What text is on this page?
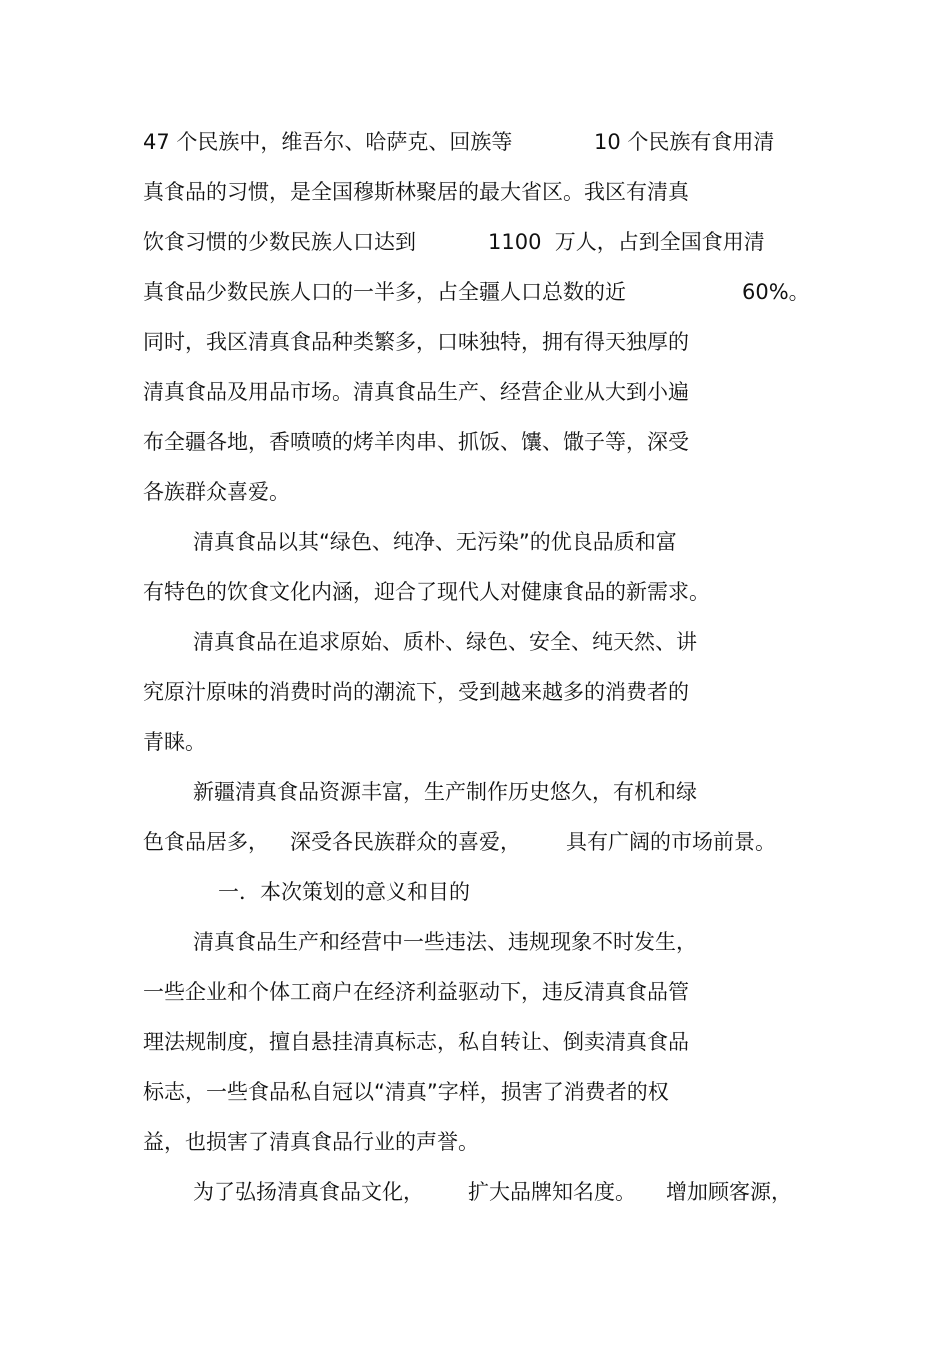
47 个民族中，维吾尔、哈萨克、回族等

	10 个民族有食用清

真食品的习惯，是全国穆斯林聚居的最大省区。我区有清真

饮食习惯的少数民族人口达到

	1100  万人，占到全国食用清

真食品少数民族人口的一半多，占全疆人口总数的近

	60%。

同时，我区清真食品种类繁多，口味独特，拥有得天独厚的

清真食品及用品市场。清真食品生产、经营企业从大到小遍

布全疆各地，香喷喷的烤羊肉串、抓饭、馕、馓子等，深受

各族群众喜爱。

清真食品以其“绿色、纯净、无污染”的优良品质和富

有特色的饮食文化内涵，迎合了现代人对健康食品的新需求。

清真食品在追求原始、质朴、绿色、安全、纯天然、讲

究原汁原味的消费时尚的潮流下，受到越来越多的消费者的

青睐。

新疆清真食品资源丰富，生产制作历史悠久，有机和绿

色食品居多，

深受各民族群众的喜爱，

具有广阔的市场前景。

一．本次策划的意义和目的

清真食品生产和经营中一些违法、违规现象不时发生，

一些企业和个体工商户在经济利益驱动下，违反清真食品管

理法规制度，擅自悬挂清真标志，私自转让、倒卖清真食品

标志，一些食品私自冠以“清真”字样，损害了消费者的权

益，也损害了清真食品行业的声誉。

为了弘扬清真食品文化，

扩大品牌知名度。

增加顾客源，
